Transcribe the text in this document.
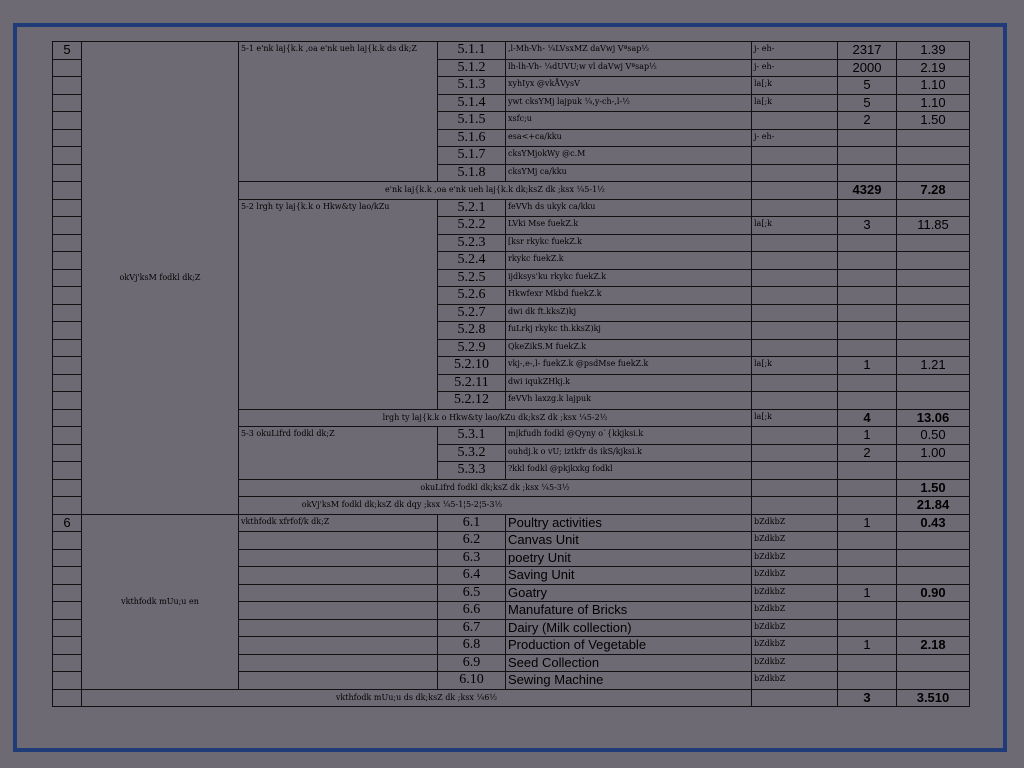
5	okVj'ksM fodkl dk;Z	5-1 e'nk laj{k.k ,oa e'nk ueh laj{k.k ds dk;Z	5.1.1	,l-Mh-Vh- ¼LVsxMZ daVwj Vªsap½	j- eh-	2317	1.39
			5.1.2	lh-lh-Vh- ¼dUVU;w vl daVwj Vªsap½	j- eh-	2000	2.19
			5.1.3	xyhIyx @vkÅVysV	la[;k	5	1.10
			5.1.4	ywt cksYMj lajpuk ¼,y-ch-,l-½	la[;k	5	1.10
			5.1.5	xsfc;u		2	1.50
			5.1.6	esa<+ca/kku	j- eh-		
			5.1.7	cksYMjokWy @c.M			
			5.1.8	cksYMj ca/kku			
		e'nk laj{k.k ,oa e'nk ueh laj{k.k dk;ksZ dk ;ksx ¼5-1½				4329	7.28
		5-2 lrgh ty laj{k.k o Hkw&ty lao/kZu	5.2.1	feVVh ds ukyk ca/kku			
			5.2.2	LVki Mse fuekZ.k	la[;k	3	11.85
			5.2.3	[ksr rkykc fuekZ.k			
			5.2.4	rkykc fuekZ.k			
			5.2.5	ijdksys'ku rkykc fuekZ.k			
			5.2.6	Hkwfexr Mkbd fuekZ.k			
			5.2.7	dwi dk ft.kksZ)kj			
			5.2.8	fuLrkj rkykc th.kksZ)kj			
			5.2.9	QkeZikS.M fuekZ.k			
			5.2.10	vkj-,e-,l- fuekZ.k @psdMse fuekZ.k	la[;k	1	1.21
			5.2.11	dwi iqukZHkj.k			
			5.2.12	feVVh laxzg.k lajpuk			
		lrgh ty laj{k.k o Hkw&ty lao/kZu dk;ksZ dk ;ksx ¼5-2½			la[;k	4	13.06
		5-3 okuLifrd fodkl dk;Z	5.3.1	m|kfudh fodkl @Qyny o`{kkjksi.k		1	0.50
			5.3.2	ouhdj.k o vU; iztkfr ds ikS/kjksi.k		2	1.00
			5.3.3	?kkl fodkl @pkjkxkg fodkl			
		okuLifrd fodkl dk;ksZ dk ;ksx ¼5-3½					1.50
okVj'ksM fodkl dk;ksZ dk dqy ;ksx ¼5-1¦5-2¦5-3½							21.84
6	vkthfodk mUu;u en	vkthfodk xfrfof/k dk;Z	6.1	Poultry activities	bZdkbZ	1	0.43
			6.2	Canvas Unit	bZdkbZ		
			6.3	poetry Unit	bZdkbZ		
			6.4	Saving Unit	bZdkbZ		
			6.5	Goatry	bZdkbZ	1	0.90
			6.6	Manufature of Bricks	bZdkbZ		
			6.7	Dairy (Milk collection)	bZdkbZ		
			6.8	Production of Vegetable	bZdkbZ	1	2.18
			6.9	Seed Collection	bZdkbZ		
			6.10	Sewing Machine	bZdkbZ		
	vkthfodk mUu;u ds dk;ksZ dk ;ksx ¼6½					3	3.510
